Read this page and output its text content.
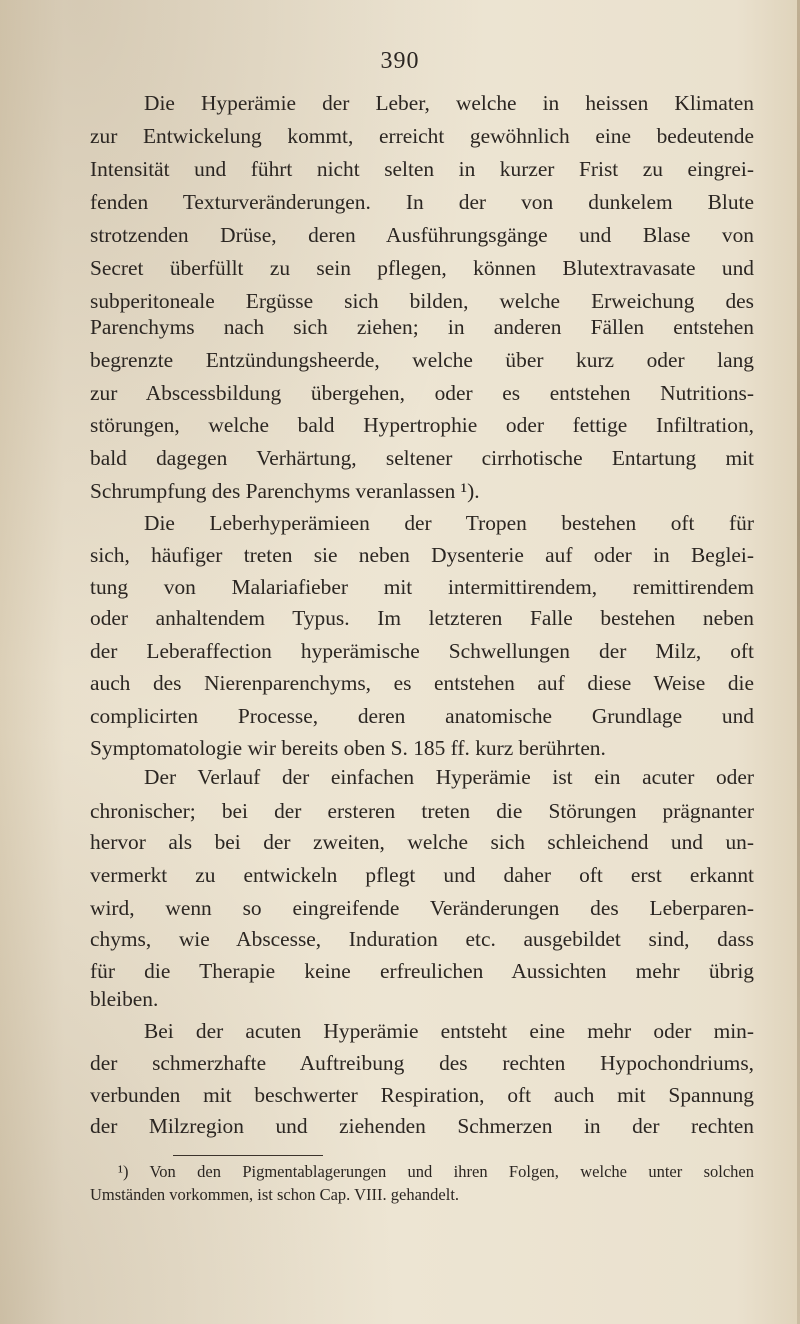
390
Die Hyperämie der Leber, welche in heissen Klimaten
zur Entwickelung kommt, erreicht gewöhnlich eine bedeutende
Intensität und führt nicht selten in kurzer Frist zu eingrei-
fenden Texturveränderungen. In der von dunkelem Blute
strotzenden Drüse, deren Ausführungsgänge und Blase von
Secret überfüllt zu sein pflegen, können Blutextravasate und
subperitoneale Ergüsse sich bilden, welche Erweichung des
Parenchyms nach sich ziehen; in anderen Fällen entstehen
begrenzte Entzündungsheerde, welche über kurz oder lang
zur Abscessbildung übergehen, oder es entstehen Nutritions-
störungen, welche bald Hypertrophie oder fettige Infiltration,
bald dagegen Verhärtung, seltener cirrhotische Entartung mit
Schrumpfung des Parenchyms veranlassen ¹).
Die Leberhyperämieen der Tropen bestehen oft für
sich, häufiger treten sie neben Dysenterie auf oder in Beglei-
tung von Malariafieber mit intermittirendem, remittirendem
oder anhaltendem Typus. Im letzteren Falle bestehen neben
der Leberaffection hyperämische Schwellungen der Milz, oft
auch des Nierenparenchyms, es entstehen auf diese Weise die
complicirten Processe, deren anatomische Grundlage und
Symptomatologie wir bereits oben S. 185 ff. kurz berührten.
Der Verlauf der einfachen Hyperämie ist ein acuter oder
chronischer; bei der ersteren treten die Störungen prägnanter
hervor als bei der zweiten, welche sich schleichend und un-
vermerkt zu entwickeln pflegt und daher oft erst erkannt
wird, wenn so eingreifende Veränderungen des Leberparen-
chyms, wie Abscesse, Induration etc. ausgebildet sind, dass
für die Therapie keine erfreulichen Aussichten mehr übrig
bleiben.
Bei der acuten Hyperämie entsteht eine mehr oder min-
der schmerzhafte Auftreibung des rechten Hypochondriums,
verbunden mit beschwerter Respiration, oft auch mit Spannung
der Milzregion und ziehenden Schmerzen in der rechten
¹) Von den Pigmentablagerungen und ihren Folgen, welche unter solchen
Umständen vorkommen, ist schon Cap. VIII. gehandelt.
